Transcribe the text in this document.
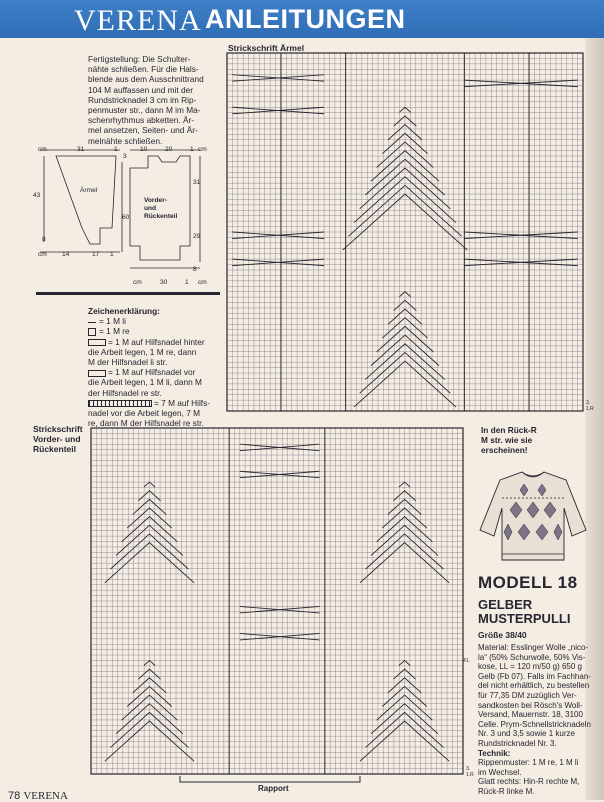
VERENA ANLEITUNGEN
Fertigstellung: Die Schulter-
nähte schließen. Für die Hals-
blende aus dem Ausschnittrand
104 M auffassen und mit der
Rundstricknadel 3 cm im Rip-
penmuster str., dann M im Ma-
schenrhythmus abketten. Är-
mel ansetzen, Seiten- und Är-
melnähte schließen.
cm	31	1
43
Ärmel
8
cm 14	17 1
10	20	1 cm
3
60
Vorder-
und
Rückenteil
31
29
8
cm	30	1 cm
Zeichenerklärung:
= 1 M li
= 1 M re
= 1 M auf Hilfsnadel hinter
die Arbeit legen, 1 M re, dann
M der Hilfsnadel li str.
= 1 M auf Hilfsnadel vor
die Arbeit legen, 1 M li, dann M
der Hilfsnadel re str.
= 7 M auf Hilfs-
nadel vor die Arbeit legen, 7 M
re, dann M der Hilfsnadel re str.
Strickschrift Ärmel
3.
1.R
Strickschrift
Vorder- und
Rückenteil
41.
3.
1.R
Rapport
In den Rück-R
M str. wie sie
erscheinen!
MODELL 18
GELBER
MUSTERPULLI
Größe 38/40
Material: Esslinger Wolle „nico-
la“ (50% Schurwolle, 50% Vis-
kose, LL = 120 m/50 g) 650 g
Gelb (Fb 07). Falls im Fachhan-
del nicht erhältlich, zu bestellen
für 77,35 DM zuzüglich Ver-
sandkosten bei Rösch's Woll-
Versand, Mauernstr. 18, 3100
Celle. Prym-Schnellstricknadeln
Nr. 3 und 3,5 sowie 1 kurze
Rundstricknadel Nr. 3.
Technik:
Rippenmuster: 1 M re, 1 M li
im Wechsel.
Glatt rechts: Hin-R rechte M,
Rück-R linke M.
78 VERENA
